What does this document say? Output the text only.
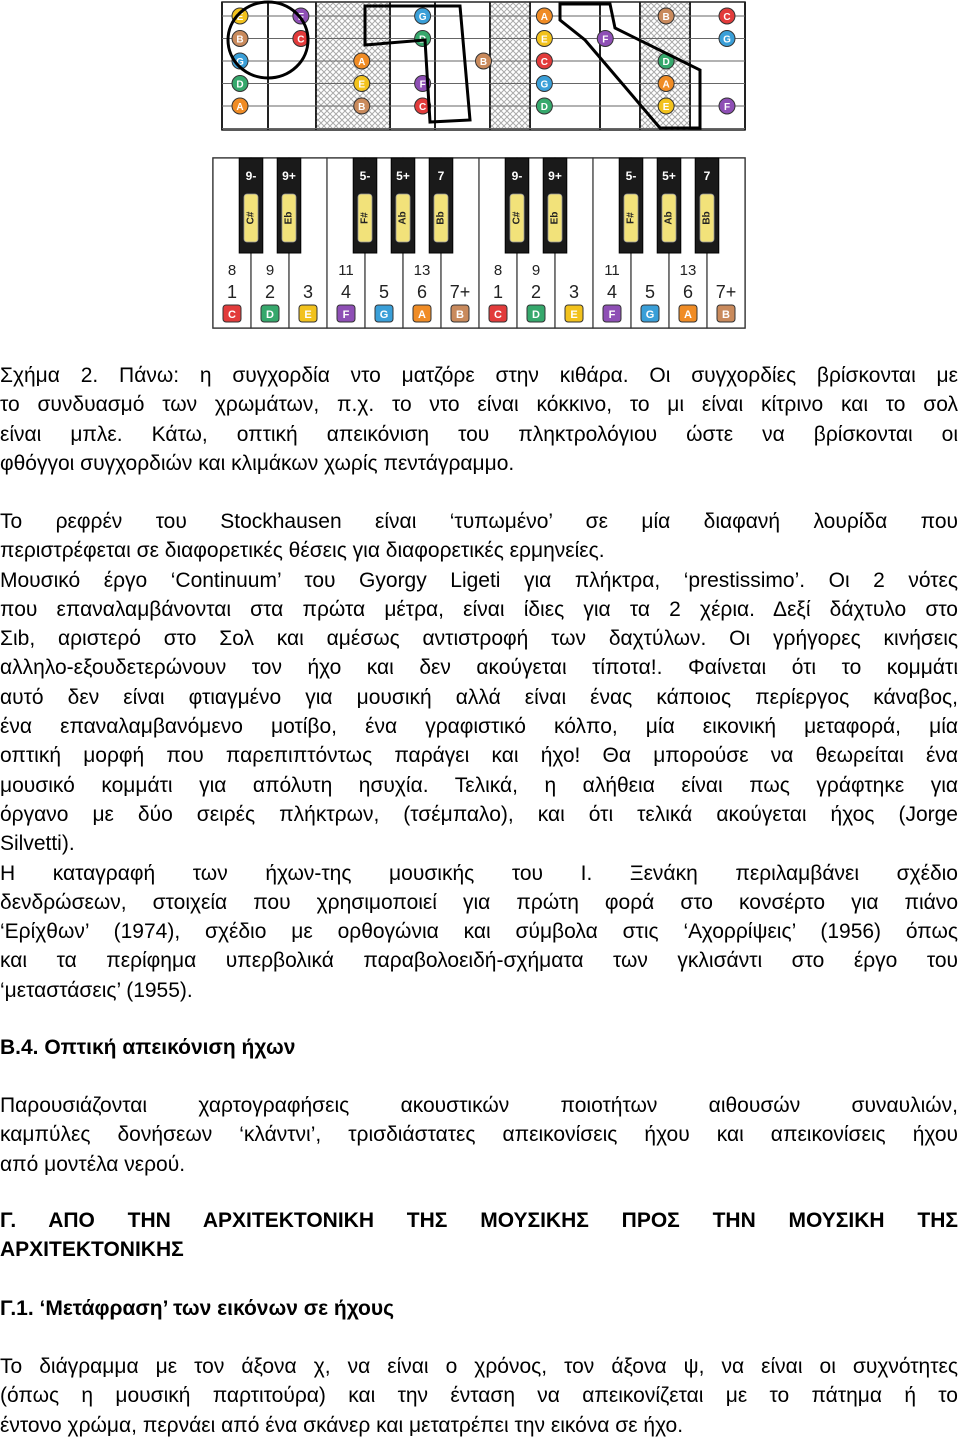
E	F	G	A	B	C
B	C	D	E	F	G
G	A	B	C	D
D	E	F	G	A
A	B	C	D	E	F
8
1
C
9
2
D
3
E
11
4
F
5
G
13
6
A
7+
B
8
1
C
9
2
D
3
E
11
4
F
5
G
13
6
A
7+
B
9-
C#
9+
Eb
5-
F#
5+
Ab
7
Bb
9-
C#
9+
Eb
5-
F#
5+
Ab
7
Bb
Σχήμα 2. Πάνω: η συγχορδία ντο ματζόρε στην κιθάρα. Οι συγχορδίες βρίσκονται με
το συνδυασμό των χρωμάτων, π.χ. το ντο είναι κόκκινο, το μι είναι κίτρινο και το σολ
είναι μπλε. Κάτω, οπτική απεικόνιση του πληκτρολόγιου ώστε να βρίσκονται οι
φθόγγοι συγχορδιών και κλιμάκων χωρίς πεντάγραμμο.
Το ρεφρέν του Stockhausen είναι ‘τυπωμένο’ σε μία διαφανή λουρίδα που
περιστρέφεται σε διαφορετικές θέσεις για διαφορετικές ερμηνείες.
Μουσικό έργο ‘Continuum’ του Gyorgy Ligeti για πλήκτρα, ‘prestissimo’. Οι 2 νότες
που επαναλαμβάνονται στα πρώτα μέτρα, είναι ίδιες για τα 2 χέρια. Δεξί δάχτυλο στο
Σιb, αριστερό στο Σολ και αμέσως αντιστροφή των δαχτύλων. Οι γρήγορες κινήσεις
αλληλο-εξουδετερώνουν τον ήχο και δεν ακούγεται τίποτα!. Φαίνεται ότι το κομμάτι
αυτό δεν είναι φτιαγμένο για μουσική αλλά είναι ένας κάποιος περίεργος κάναβος,
ένα επαναλαμβανόμενο μοτίβο, ένα γραφιστικό κόλπο, μία εικονική μεταφορά, μία
οπτική μορφή που παρεπιπτόντως παράγει και ήχο! Θα μπορούσε να θεωρείται ένα
μουσικό κομμάτι για απόλυτη ησυχία. Τελικά, η αλήθεια είναι πως γράφτηκε για
όργανο με δύο σειρές πλήκτρων, (τσέμπαλο), και ότι τελικά ακούγεται ήχος (Jorge
Silvetti).
Η καταγραφή των ήχων-της μουσικής του Ι. Ξενάκη περιλαμβάνει σχέδιο
δενδρώσεων, στοιχεία που χρησιμοποιεί για πρώτη φορά στο κονσέρτο για πιάνο
‘Ερίχθων’ (1974), σχέδιο με ορθογώνια και σύμβολα στις ‘Αχορρίψεις’ (1956) όπως
και τα περίφημα υπερβολικά παραβολοειδή-σχήματα των γκλισάντι στο έργο του
‘μεταστάσεις’ (1955).
Β.4. Οπτική απεικόνιση ήχων
Παρουσιάζονται χαρτογραφήσεις ακουστικών ποιοτήτων αιθουσών συναυλιών,
καμπύλες δονήσεων ‘κλάντνι’, τρισδιάστατες απεικονίσεις ήχου και απεικονίσεις ήχου
από μοντέλα νερού.
Γ. ΑΠΟ ΤΗΝ ΑΡΧΙΤΕΚΤΟΝΙΚΗ ΤΗΣ ΜΟΥΣΙΚΗΣ ΠΡΟΣ ΤΗΝ ΜΟΥΣΙΚΗ ΤΗΣ
ΑΡΧΙΤΕΚΤΟΝΙΚΗΣ
Γ.1. ‘Μετάφραση’ των εικόνων σε ήχους
Το διάγραμμα με τον άξονα χ, να είναι ο χρόνος, τον άξονα ψ, να είναι οι συχνότητες
(όπως η μουσική παρτιτούρα) και την ένταση να απεικονίζεται με το πάτημα ή το
έντονο χρώμα, περνάει από ένα σκάνερ και μετατρέπει την εικόνα σε ήχο.
